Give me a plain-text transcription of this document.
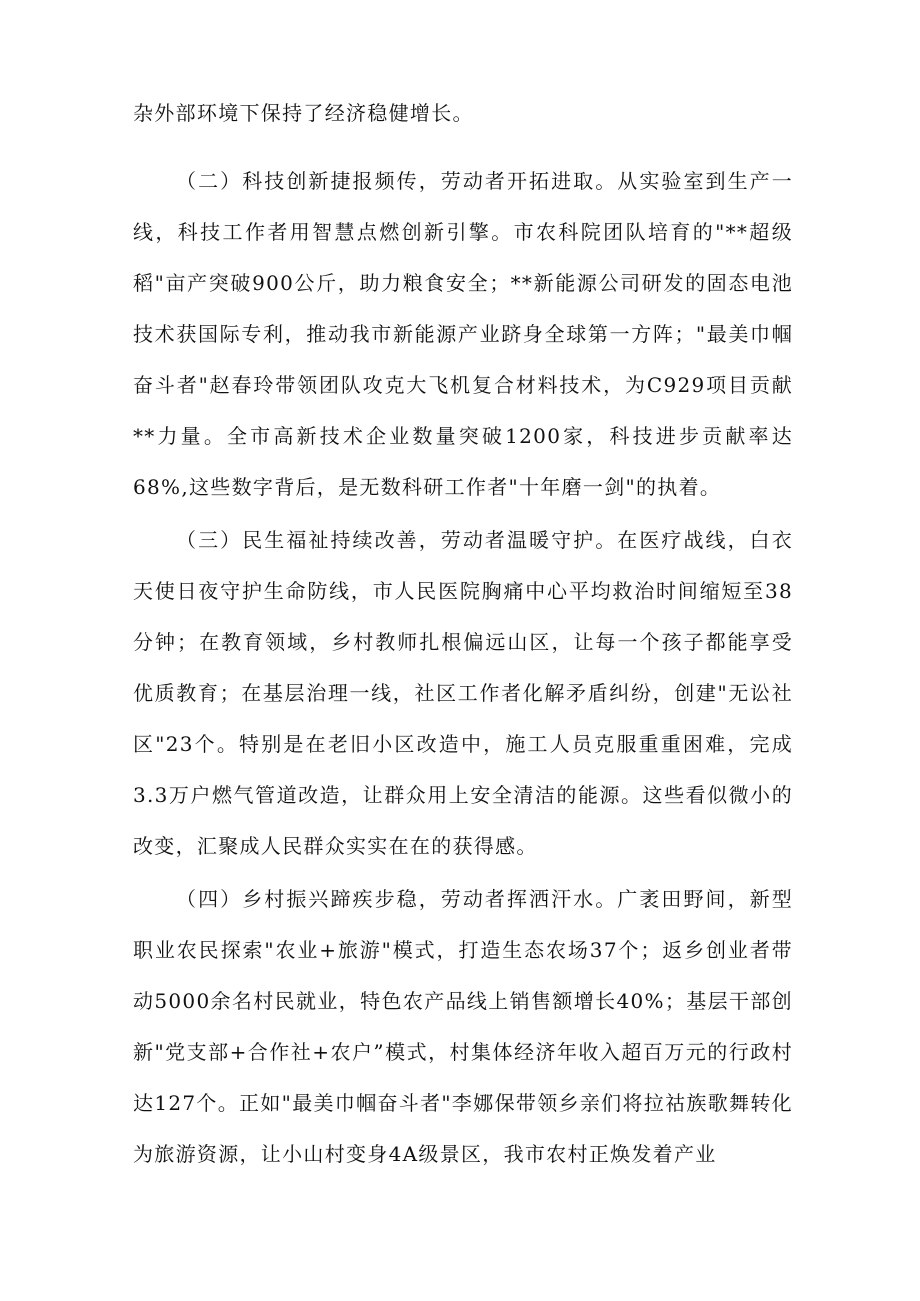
杂外部环境下保持了经济稳健增长。

（二）科技创新捷报频传，劳动者开拓进取。从实验室到生产一线，科技工作者用智慧点燃创新引擎。市农科院团队培育的"**超级稻"亩产突破900公斤，助力粮食安全；**新能源公司研发的固态电池技术获国际专利，推动我市新能源产业跻身全球第一方阵；"最美巾帼奋斗者"赵春玲带领团队攻克大飞机复合材料技术，为C929项目贡献**力量。全市高新技术企业数量突破1200家，科技进步贡献率达68%,这些数字背后，是无数科研工作者"十年磨一剑"的执着。

（三）民生福祉持续改善，劳动者温暖守护。在医疗战线，白衣天使日夜守护生命防线，市人民医院胸痛中心平均救治时间缩短至38分钟；在教育领域，乡村教师扎根偏远山区，让每一个孩子都能享受优质教育；在基层治理一线，社区工作者化解矛盾纠纷，创建"无讼社区"23个。特别是在老旧小区改造中，施工人员克服重重困难，完成3.3万户燃气管道改造，让群众用上安全清洁的能源。这些看似微小的改变，汇聚成人民群众实实在在的获得感。

（四）乡村振兴蹄疾步稳，劳动者挥洒汗水。广袤田野间，新型职业农民探索"农业+旅游"模式，打造生态农场37个；返乡创业者带动5000余名村民就业，特色农产品线上销售额增长40%；基层干部创新"党支部+合作社+农户”模式，村集体经济年收入超百万元的行政村达127个。正如"最美巾帼奋斗者"李娜保带领乡亲们将拉祜族歌舞转化为旅游资源，让小山村变身4A级景区，我市农村正焕发着产业
